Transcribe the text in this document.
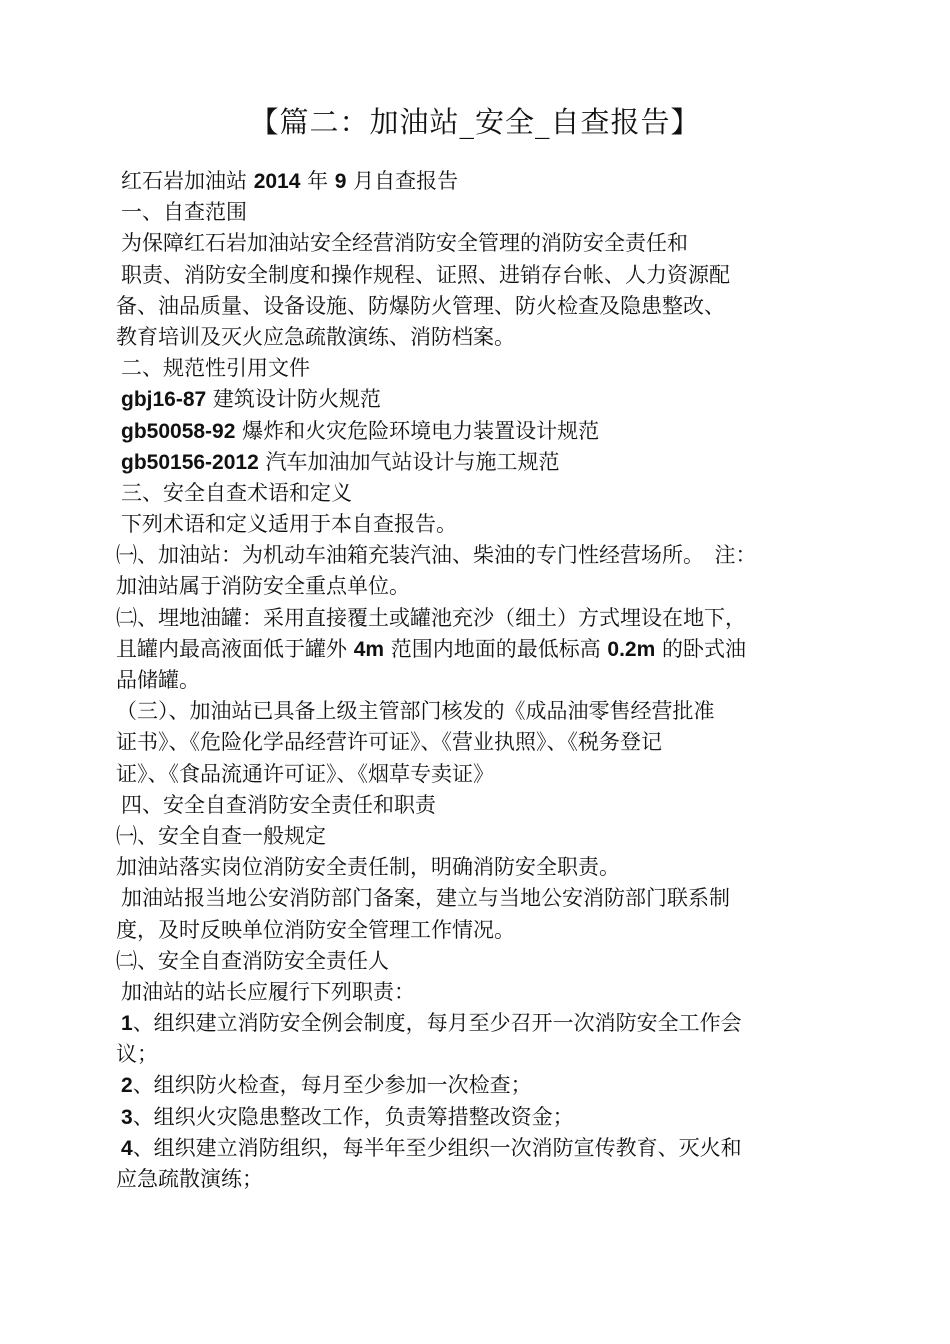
【篇二：加油站_安全_自查报告】
红石岩加油站 2014 年 9 月自查报告
一、自查范围
为保障红石岩加油站安全经营消防安全管理的消防安全责任和
职责、消防安全制度和操作规程、证照、进销存台帐、人力资源配
备、油品质量、设备设施、防爆防火管理、防火检查及隐患整改、
教育培训及灭火应急疏散演练、消防档案。
二、规范性引用文件
gbj16-87 建筑设计防火规范
gb50058-92 爆炸和火灾危险环境电力装置设计规范
gb50156-2012 汽车加油加气站设计与施工规范
三、安全自查术语和定义
下列术语和定义适用于本自查报告。
㈠、加油站：为机动车油箱充装汽油、柴油的专门性经营场所。　注：
加油站属于消防安全重点单位。
㈡、埋地油罐：采用直接覆土或罐池充沙（细土）方式埋设在地下，
且罐内最高液面低于罐外 4m 范围内地面的最低标高 0.2m 的卧式油
品储罐。
（三）、加油站已具备上级主管部门核发的《成品油零售经营批准
证书》、《危险化学品经营许可证》、《营业执照》、《税务登记
证》、《食品流通许可证》、《烟草专卖证》
四、安全自查消防安全责任和职责
㈠、安全自查一般规定
加油站落实岗位消防安全责任制，明确消防安全职责。
加油站报当地公安消防部门备案，建立与当地公安消防部门联系制
度，及时反映单位消防安全管理工作情况。
㈡、安全自查消防安全责任人
加油站的站长应履行下列职责：
1、组织建立消防安全例会制度，每月至少召开一次消防安全工作会
议；
2、组织防火检查，每月至少参加一次检查；
3、组织火灾隐患整改工作，负责筹措整改资金；
4、组织建立消防组织，每半年至少组织一次消防宣传教育、灭火和
应急疏散演练；
